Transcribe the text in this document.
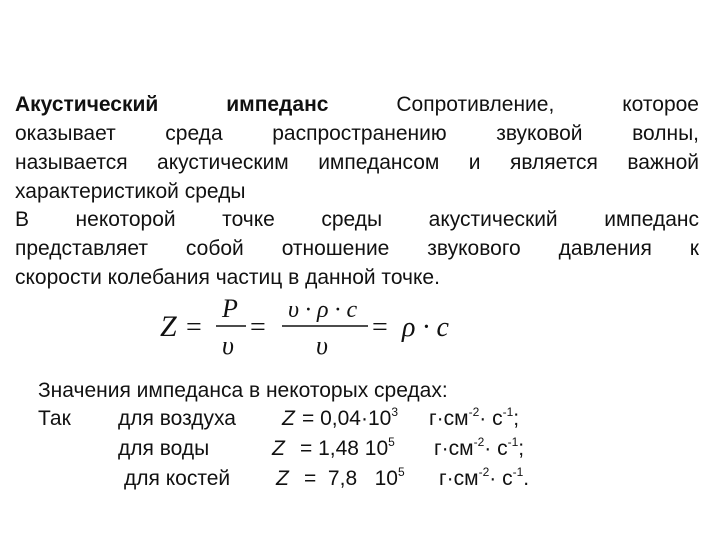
Акустический импеданс	Сопротивление, которое
оказывает среда распространению звуковой волны,
называется акустическим импедансом и является важной
характеристикой среды
В некоторой точке среды акустический импеданс
представляет собой отношение звукового давления к
скорости колебания частиц в данной точке.
Z =
P
υ
=
υ · ρ · c
υ
= ρ · c
Значения импеданса в некоторых средах:
Так для воздуха $Z = 0,04\cdot 10^3$ $г\cdot см^{-2}\cdot с^{-1}$;
для воды	Z = 1,48 $10^5$ $г\cdot см^{-2}\cdot с^{-1}$;
для костей Z =  7,8   $10^5$ $г\cdot см^{-2}\cdot с^{-1}$.
